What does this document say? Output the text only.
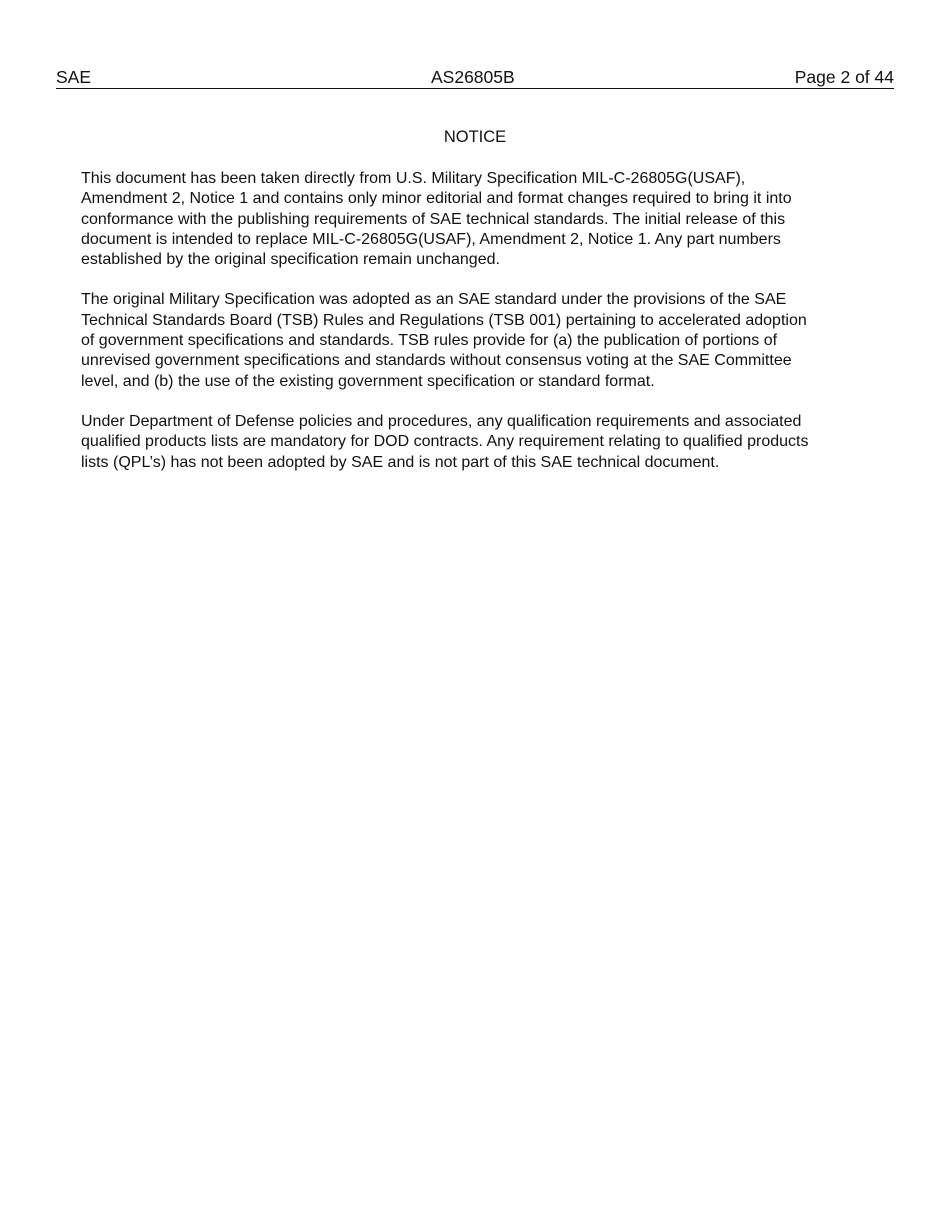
SAE	AS26805B	Page 2 of 44
NOTICE

This document has been taken directly from U.S. Military Specification MIL-C-26805G(USAF),
Amendment 2, Notice 1 and contains only minor editorial and format changes required to bring it into
conformance with the publishing requirements of SAE technical standards. The initial release of this
document is intended to replace MIL-C-26805G(USAF), Amendment 2, Notice 1. Any part numbers
established by the original specification remain unchanged.

The original Military Specification was adopted as an SAE standard under the provisions of the SAE
Technical Standards Board (TSB) Rules and Regulations (TSB 001) pertaining to accelerated adoption
of government specifications and standards. TSB rules provide for (a) the publication of portions of
unrevised government specifications and standards without consensus voting at the SAE Committee
level, and (b) the use of the existing government specification or standard format.

Under Department of Defense policies and procedures, any qualification requirements and associated
qualified products lists are mandatory for DOD contracts. Any requirement relating to qualified products
lists (QPL’s) has not been adopted by SAE and is not part of this SAE technical document.
